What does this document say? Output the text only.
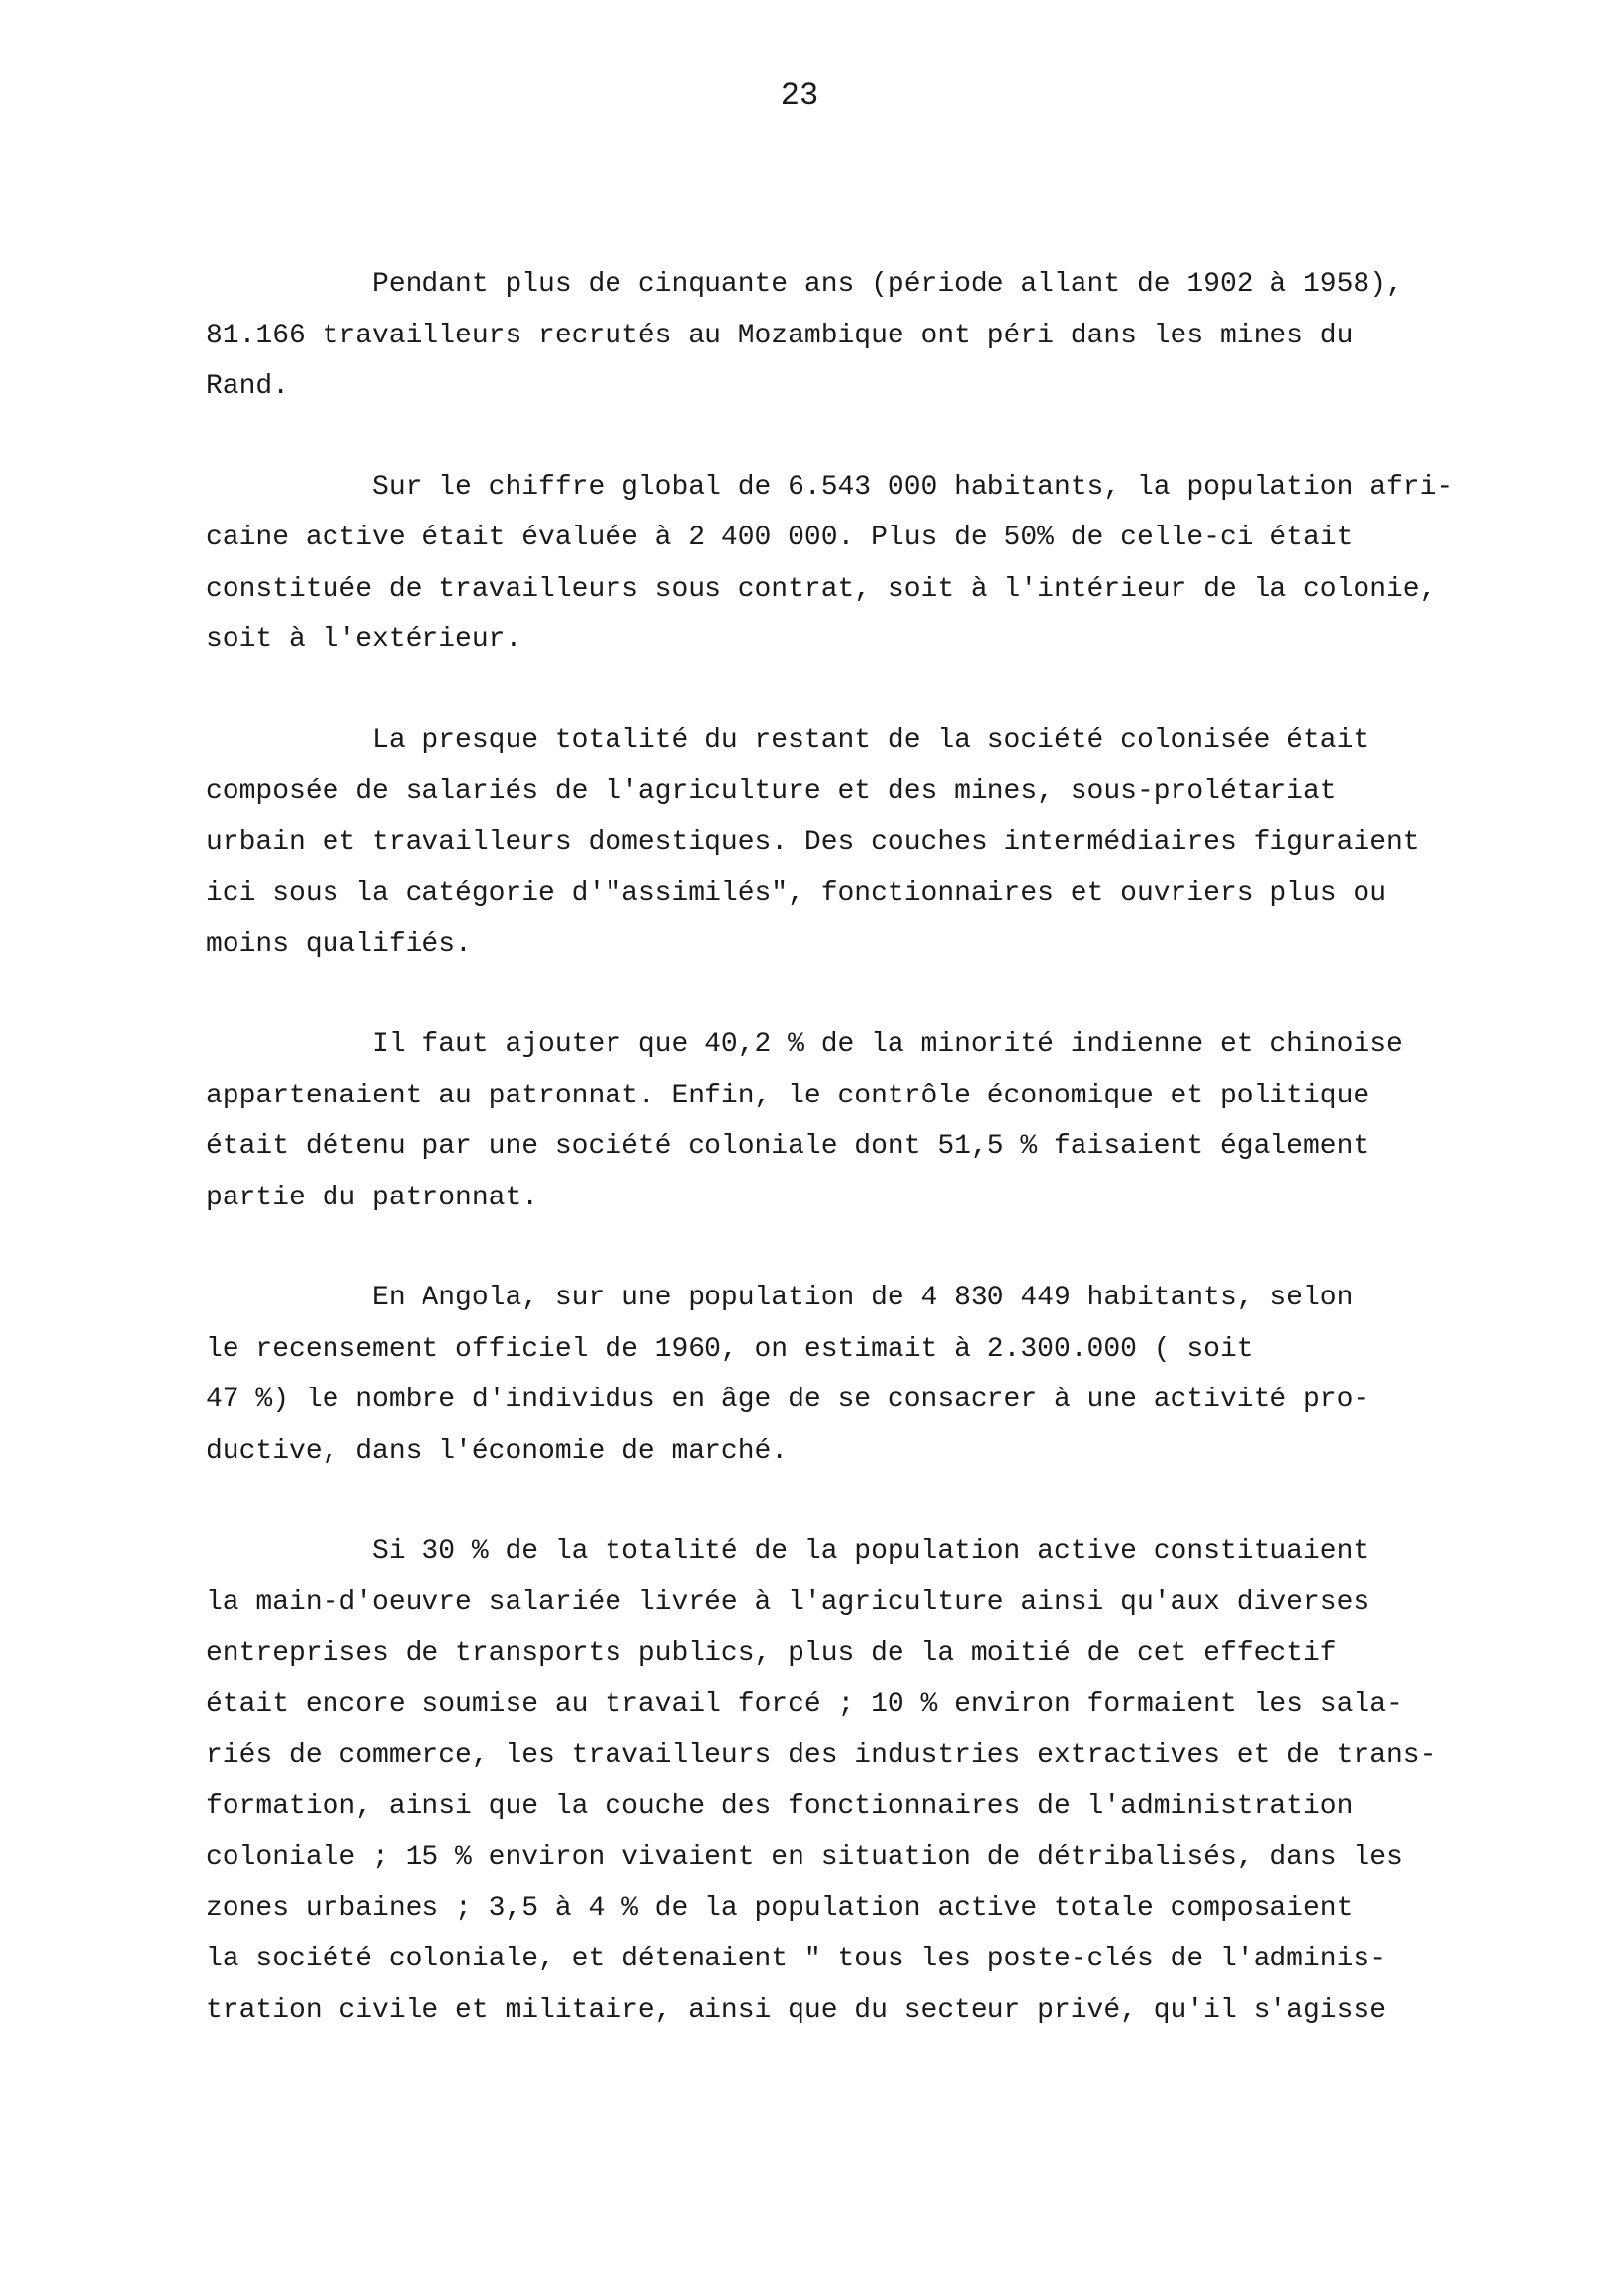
23
Pendant plus de cinquante ans (période allant de 1902 à 1958),
81.166 travailleurs recrutés au Mozambique ont péri dans les mines du
Rand.
Sur le chiffre global de 6.543 000 habitants, la population afri-
caine active était évaluée à 2 400 000. Plus de 50% de celle-ci était
constituée de travailleurs sous contrat, soit à l'intérieur de la colonie,
soit à l'extérieur.
La presque totalité du restant de la société colonisée était
composée de salariés de l'agriculture et des mines, sous-prolétariat
urbain et travailleurs domestiques. Des couches intermédiaires figuraient
ici sous la catégorie d'"assimilés", fonctionnaires et ouvriers plus ou
moins qualifiés.
Il faut ajouter que 40,2 % de la minorité indienne et chinoise
appartenaient au patronnat. Enfin, le contrôle économique et politique
était détenu par une société coloniale dont 51,5 % faisaient également
partie du patronnat.
En Angola, sur une population de 4 830 449 habitants, selon
le recensement officiel de 1960, on estimait à 2.300.000 ( soit
47 %) le nombre d'individus en âge de se consacrer à une activité pro-
ductive, dans l'économie de marché.
Si 30 % de la totalité de la population active constituaient
la main-d'oeuvre salariée livrée à l'agriculture ainsi qu'aux diverses
entreprises de transports publics, plus de la moitié de cet effectif
était encore soumise au travail forcé ; 10 % environ formaient les sala-
riés de commerce, les travailleurs des industries extractives et de trans-
formation, ainsi que la couche des fonctionnaires de l'administration
coloniale ; 15 % environ vivaient en situation de détribalisés, dans les
zones urbaines ; 3,5 à 4 % de la population active totale composaient
la société coloniale, et détenaient " tous les poste-clés de l'adminis-
tration civile et militaire, ainsi que du secteur privé, qu'il s'agisse
